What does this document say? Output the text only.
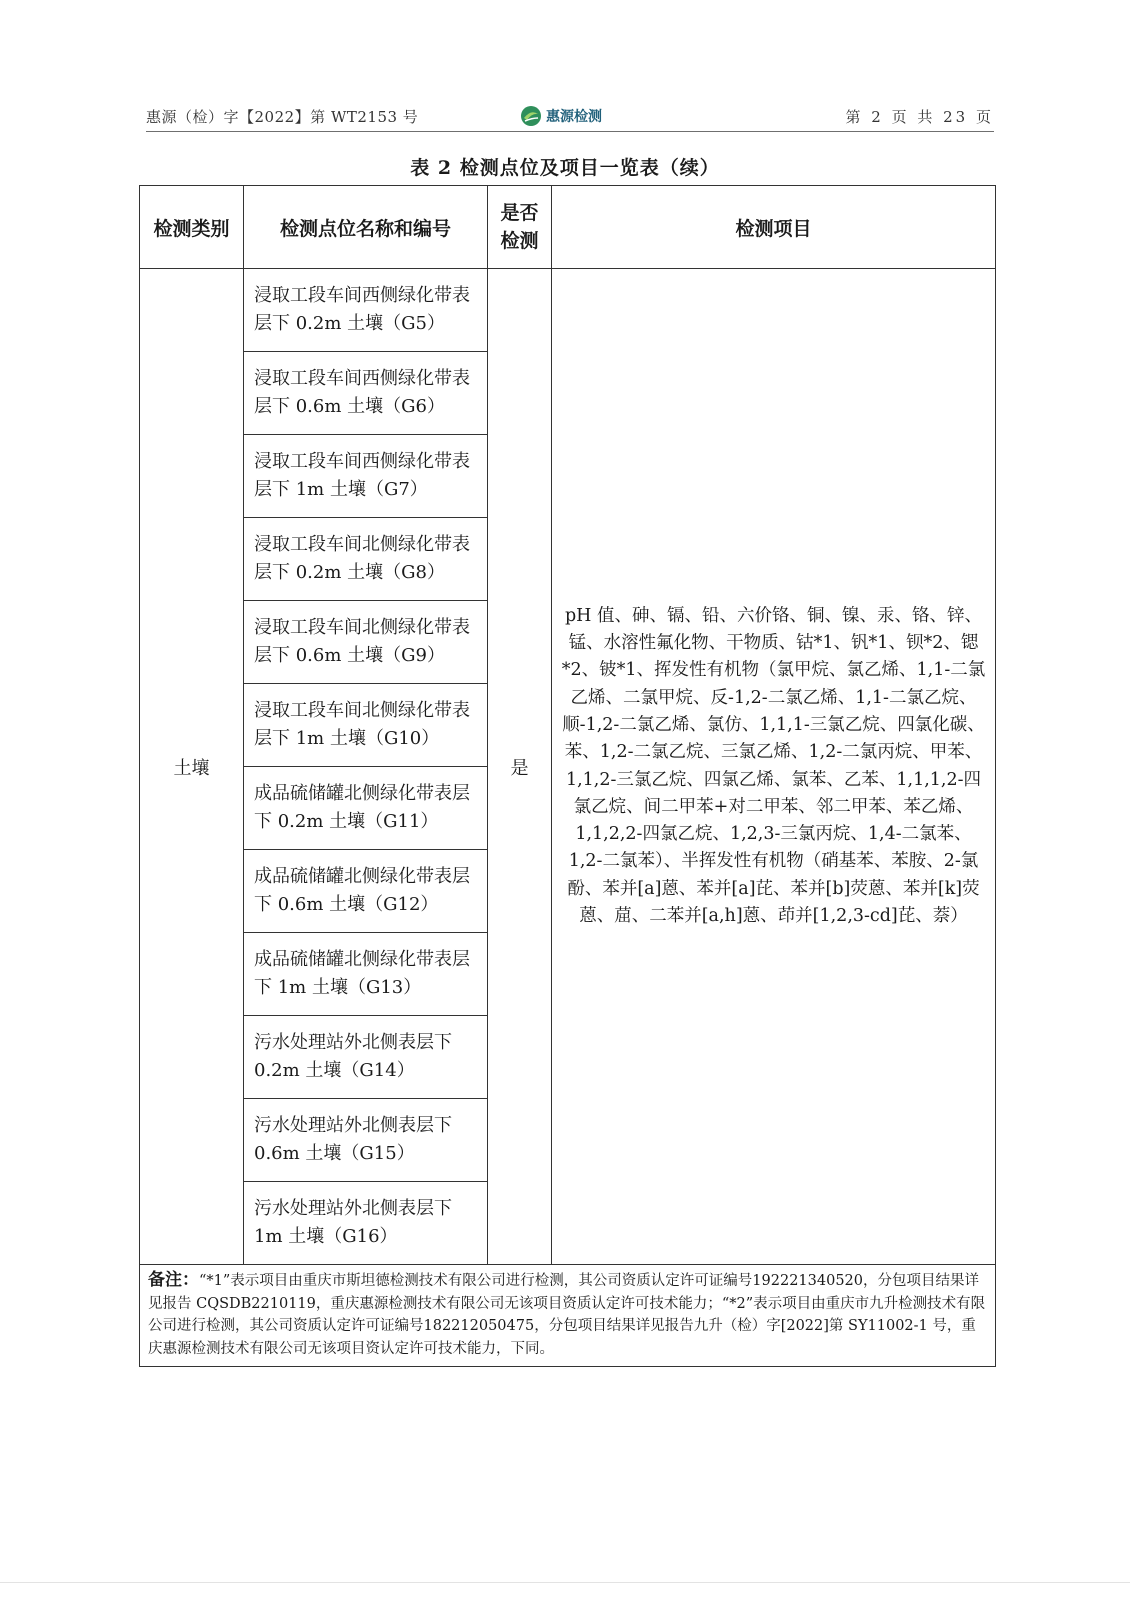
惠源（检）字【2022】第 WT2153 号	惠源检测	第 2 页 共 23 页
表 2 检测点位及项目一览表（续）
检测类别	检测点位名称和编号	是否检测	检测项目
土壤	浸取工段车间西侧绿化带表层下 0.2m 土壤（G5）	是	pH 值、砷、镉、铅、六价铬、铜、镍、汞、铬、锌、锰、水溶性氟化物、干物质、钴*1、钒*1、钡*2、锶*2、铍*1、挥发性有机物（氯甲烷、氯乙烯、1,1-二氯乙烯、二氯甲烷、反-1,2-二氯乙烯、1,1-二氯乙烷、顺-1,2-二氯乙烯、氯仿、1,1,1-三氯乙烷、四氯化碳、苯、1,2-二氯乙烷、三氯乙烯、1,2-二氯丙烷、甲苯、1,1,2-三氯乙烷、四氯乙烯、氯苯、乙苯、1,1,1,2-四氯乙烷、间二甲苯+对二甲苯、邻二甲苯、苯乙烯、1,1,2,2-四氯乙烷、1,2,3-三氯丙烷、1,4-二氯苯、1,2-二氯苯）、半挥发性有机物（硝基苯、苯胺、2-氯酚、苯并[a]蒽、苯并[a]芘、苯并[b]荧蒽、苯并[k]荧蒽、䓛、二苯并[a,h]蒽、茚并[1,2,3-cd]芘、萘）

	浸取工段车间西侧绿化带表层下 0.6m 土壤（G6）		

	浸取工段车间西侧绿化带表层下 1m 土壤（G7）		

	浸取工段车间北侧绿化带表层下 0.2m 土壤（G8）		

	浸取工段车间北侧绿化带表层下 0.6m 土壤（G9）		

	浸取工段车间北侧绿化带表层下 1m 土壤（G10）		

	成品硫储罐北侧绿化带表层下 0.2m 土壤（G11）		

	成品硫储罐北侧绿化带表层下 0.6m 土壤（G12）		

	成品硫储罐北侧绿化带表层下 1m 土壤（G13）		

	污水处理站外北侧表层下 0.2m 土壤（G14）		

	污水处理站外北侧表层下 0.6m 土壤（G15）		

	污水处理站外北侧表层下 1m 土壤（G16）		

备注：“*1”表示项目由重庆市斯坦德检测技术有限公司进行检测，其公司资质认定许可证编号192221340520，分包项目结果详见报告 CQSDB2210119，重庆惠源检测技术有限公司无该项目资质认定许可技术能力；“*2”表示项目由重庆市九升检测技术有限公司进行检测，其公司资质认定许可证编号182212050475，分包项目结果详见报告九升（检）字[2022]第 SY11002-1 号，重庆惠源检测技术有限公司无该项目资认定许可技术能力，下同。			
